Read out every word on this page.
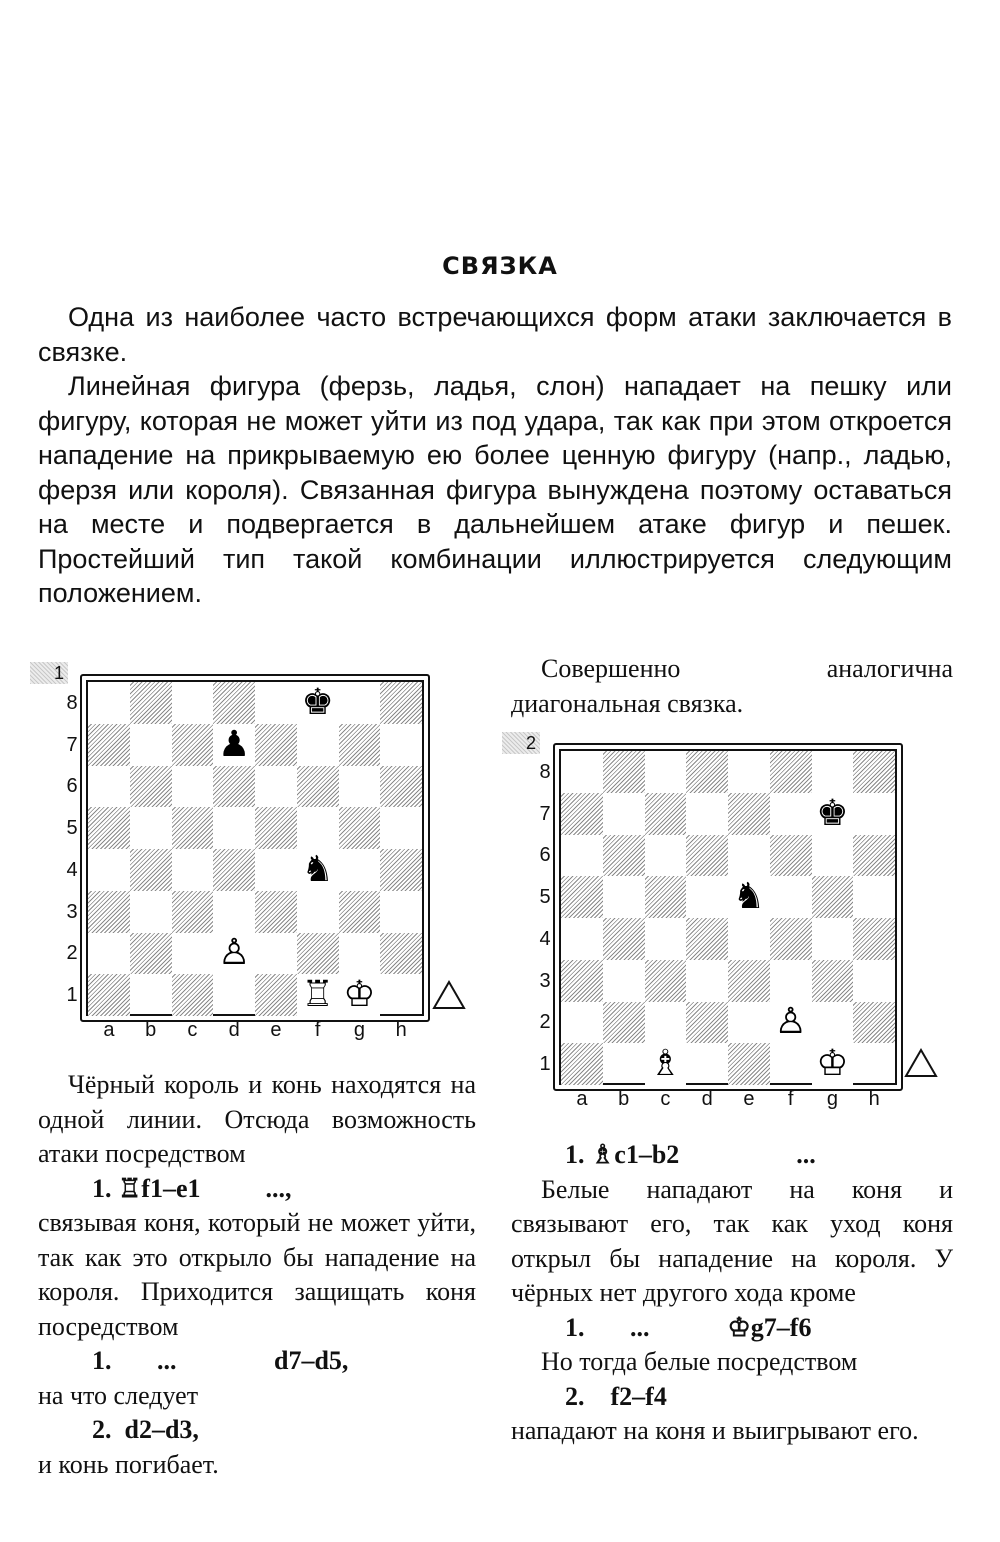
СВЯЗКА

Одна из наиболее часто встречающихся форм атаки заключается в связке.

Линейная фигура (ферзь, ладья, слон) нападает на пешку или фигуру, которая не может уйти из под удара, так как при этом откроется нападение на прикрываемую ею более ценную фигуру (напр., ладью, ферзя или короля). Связанная фигура вынуждена поэтому оставаться на месте и подвергается в дальнейшем атаке фигур и пешек. Простейший тип такой комбинации иллюстрируется следующим положением.

1
♚
♟
♞
♙
♖ ♔
8
7
6
5
4
3
2
1
a b c d e	f	g h
2
♚
♞
♙
♗	♔
8
7
6
5
4
3
2
1
a b c d e	f	g h

Чёрный король и конь находятся на одной линии. Отсюда возможность атаки посредством

1. ♖f1–e1          ...,

связывая коня, который не может уйти, так как это открыло бы нападение на короля. Приходится защищать коня посредством

1.       ...               d7–d5,

на что следует

2.  d2–d3,

и конь погибает.

Совершенно аналогична диагональная связка.

1. ♗c1–b2                  ...

Белые нападают на коня и связывают его, так как уход коня открыл бы нападение на короля. У чёрных нет другого хода кроме

1.       ...            ♔g7–f6

Но тогда белые посредством

2.    f2–f4

нападают на коня и выигрывают его.
